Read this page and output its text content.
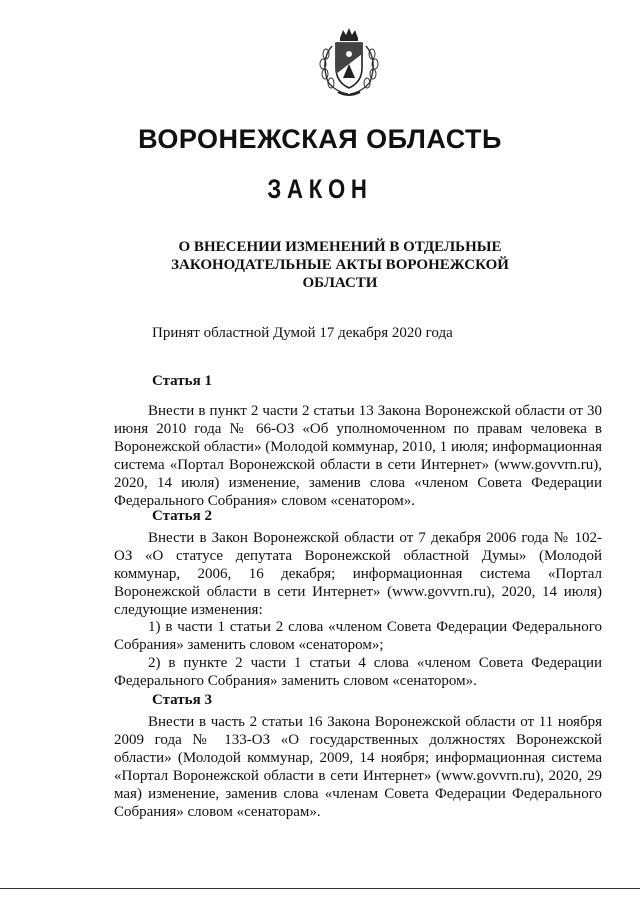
ВОРОНЕЖСКАЯ ОБЛАСТЬ
ЗАКОН
О ВНЕСЕНИИ ИЗМЕНЕНИЙ В ОТДЕЛЬНЫЕ ЗАКОНОДАТЕЛЬНЫЕ АКТЫ ВОРОНЕЖСКОЙ ОБЛАСТИ
Принят областной Думой 17 декабря 2020 года
Статья 1

Внести в пункт 2 части 2 статьи 13 Закона Воронежской области от 30 июня 2010 года № 66-ОЗ «Об уполномоченном по правам человека в Воронежской области» (Молодой коммунар, 2010, 1 июля; информационная система «Портал Воронежской области в сети Интернет» (www.govvrn.ru), 2020, 14 июля) изменение, заменив слова «членом Совета Федерации Федерального Собрания» словом «сенатором».

Статья 2

Внести в Закон Воронежской области от 7 декабря 2006 года № 102-ОЗ «О статусе депутата Воронежской областной Думы» (Молодой коммунар, 2006, 16 декабря; информационная система «Портал Воронежской области в сети Интернет» (www.govvrn.ru), 2020, 14 июля) следующие изменения:

1) в части 1 статьи 2 слова «членом Совета Федерации Федерального Собрания» заменить словом «сенатором»;

2) в пункте 2 части 1 статьи 4 слова «членом Совета Федерации Федерального Собрания» заменить словом «сенатором».

Статья 3

Внести в часть 2 статьи 16 Закона Воронежской области от 11 ноября 2009 года № 133-ОЗ «О государственных должностях Воронежской области» (Молодой коммунар, 2009, 14 ноября; информационная система «Портал Воронежской области в сети Интернет» (www.govvrn.ru), 2020, 29 мая) изменение, заменив слова «членам Совета Федерации Федерального Собрания» словом «сенаторам».
